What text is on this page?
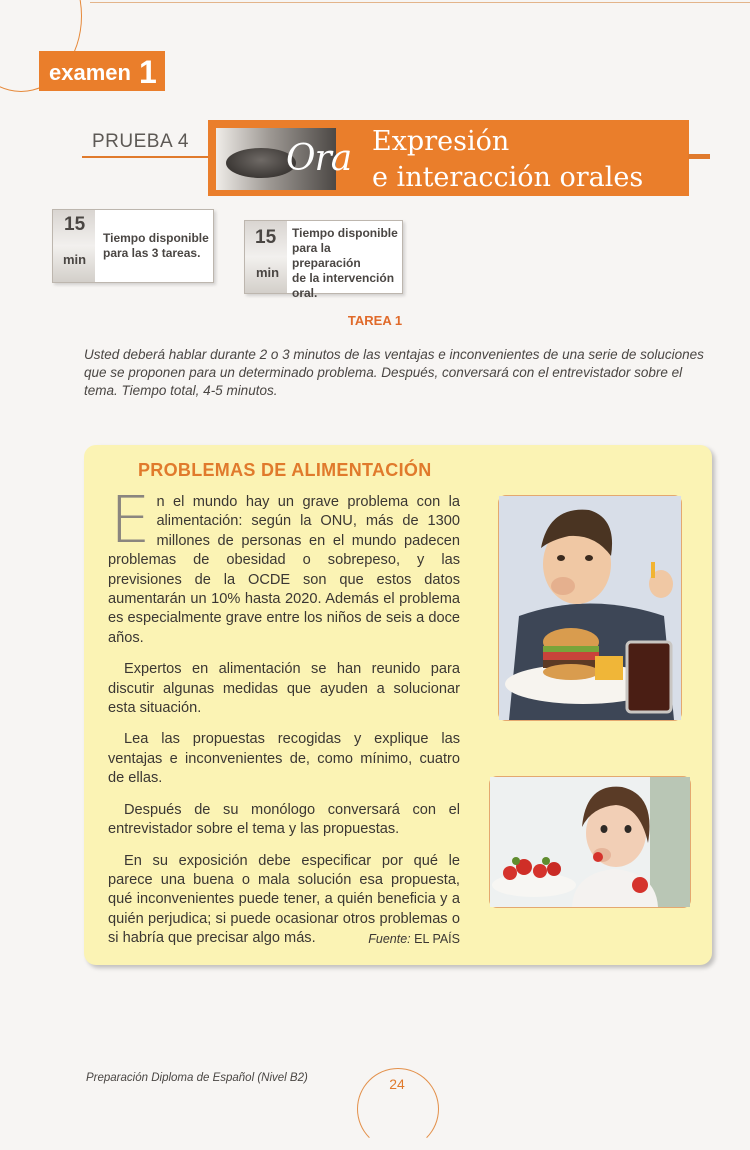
examen 1
PRUEBA 4	Ora Expresión
e interacción orales
15
min
Tiempo disponible
para las 3 tareas.
15
min
Tiempo disponible
para la preparación
de la intervención
oral.
TAREA 1
Usted deberá hablar durante 2 o 3 minutos de las ventajas e inconvenientes de una serie de soluciones que se proponen para un determinado problema. Después, conversará con el entrevistador sobre el tema. Tiempo total, 4-5 minutos.
PROBLEMAS DE ALIMENTACIÓN

En el mundo hay un grave problema con la alimentación: según la ONU, más de 1300 millones de personas en el mundo padecen problemas de obesidad o sobrepeso, y las previsiones de la OCDE son que estos datos aumentarán un 10% hasta 2020. Además el problema es especialmente grave entre los niños de seis a doce años.

Expertos en alimentación se han reunido para discutir algunas medidas que ayuden a solucionar esta situación.

Lea las propuestas recogidas y explique las ventajas e inconvenientes de, como mínimo, cuatro de ellas.

Después de su monólogo conversará con el entrevistador sobre el tema y las propuestas.

En su exposición debe especificar por qué le parece una buena o mala solución esa propuesta, qué inconvenientes puede tener, a quién beneficia y a quién perjudica; si puede ocasionar otros problemas o si habría que precisar algo más.	Fuente: EL PAÍS
Preparación Diploma de Español (Nivel B2)	24
